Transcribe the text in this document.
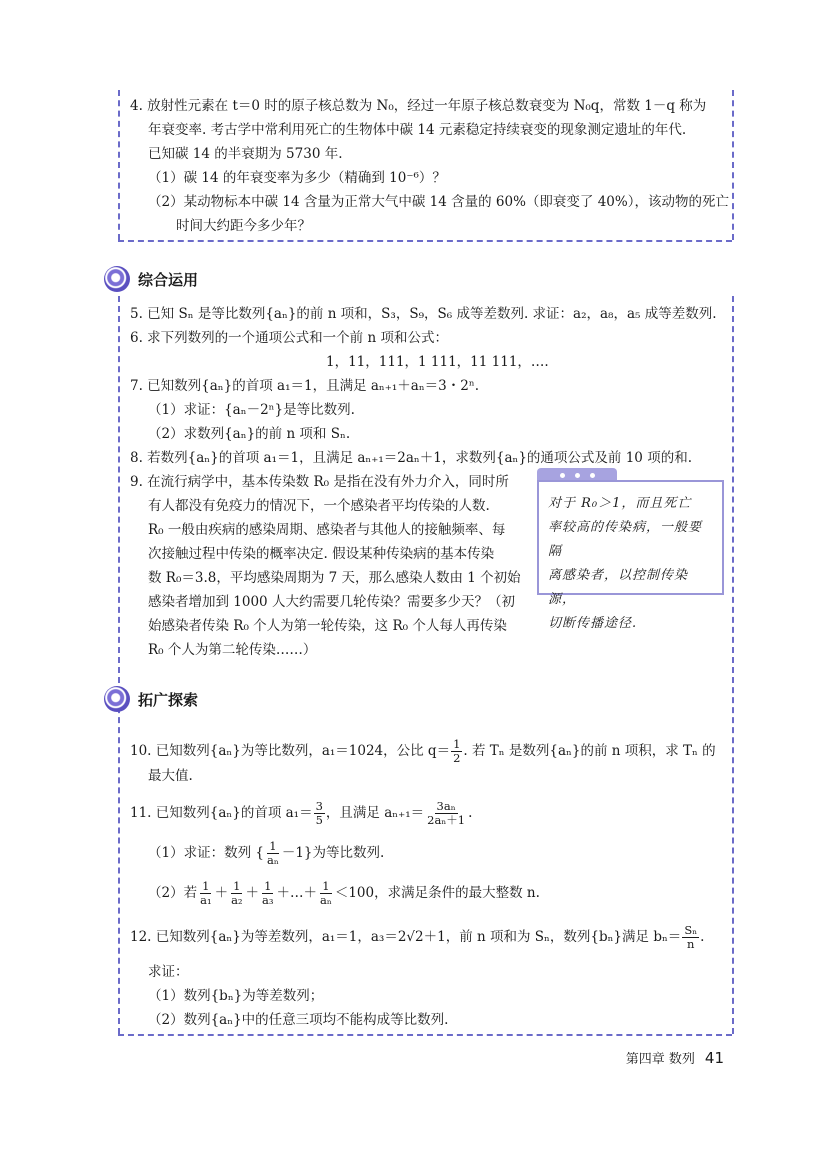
4. 放射性元素在 t＝0 时的原子核总数为 N₀，经过一年原子核总数衰变为 N₀q，常数 1－q 称为
年衰变率. 考古学中常利用死亡的生物体中碳 14 元素稳定持续衰变的现象测定遗址的年代.
已知碳 14 的半衰期为 5730 年.
（1）碳 14 的年衰变率为多少（精确到 10⁻⁶）？
（2）某动物标本中碳 14 含量为正常大气中碳 14 含量的 60%（即衰变了 40%），该动物的死亡
时间大约距今多少年？
综合运用
5. 已知 Sₙ 是等比数列{aₙ}的前 n 项和，S₃，S₉，S₆ 成等差数列. 求证：a₂，a₈，a₅ 成等差数列.
6. 求下列数列的一个通项公式和一个前 n 项和公式：
1，11，111，1 111，11 111，….
7. 已知数列{aₙ}的首项 a₁＝1，且满足 aₙ₊₁＋aₙ＝3・2ⁿ.
（1）求证：{aₙ－2ⁿ}是等比数列.
（2）求数列{aₙ}的前 n 项和 Sₙ.
8. 若数列{aₙ}的首项 a₁＝1，且满足 aₙ₊₁＝2aₙ＋1，求数列{aₙ}的通项公式及前 10 项的和.
9. 在流行病学中，基本传染数 R₀ 是指在没有外力介入，同时所
有人都没有免疫力的情况下，一个感染者平均传染的人数.
R₀ 一般由疾病的感染周期、感染者与其他人的接触频率、每
次接触过程中传染的概率决定. 假设某种传染病的基本传染
数 R₀＝3.8，平均感染周期为 7 天，那么感染人数由 1 个初始
感染者增加到 1000 人大约需要几轮传染？需要多少天？（初
始感染者传染 R₀ 个人为第一轮传染，这 R₀ 个人每人再传染
R₀ 个人为第二轮传染……）
对于 R₀＞1，而且死亡
率较高的传染病，一般要隔
离感染者，以控制传染源，
切断传播途径.
拓广探索
10. 已知数列{aₙ}为等比数列，a₁＝1024，公比 $q= \frac{1}{2}$ . 若 Tₙ 是数列{aₙ}的前 n 项积，求 Tₙ 的
最大值.
11. 已知数列{aₙ}的首项 $a_1= \frac{3}{5}$ ，且满足 $a_{n+1}= \frac{\text{3aₙ}}{\text{2aₙ＋1}}$ .
（1）求证：数列 { $\frac{1}{\text{aₙ}} -1$}为等比数列.
（2）若 $\frac{1}{\text{a₁}} + \frac{1}{\text{a₂}} + \frac{1}{\text{a₃}}$ ＋…＋ $\frac{1}{\text{aₙ}} <100$，求满足条件的最大整数 n.
12. 已知数列{aₙ}为等差数列，a₁＝1，a₃＝2√2＋1，前 n 项和为 Sₙ，数列{bₙ}满足 $b_n= \frac{\text{Sₙ}}{n}$ .
求证：
（1）数列{bₙ}为等差数列；
（2）数列{aₙ}中的任意三项均不能构成等比数列.
第四章 数列 41
